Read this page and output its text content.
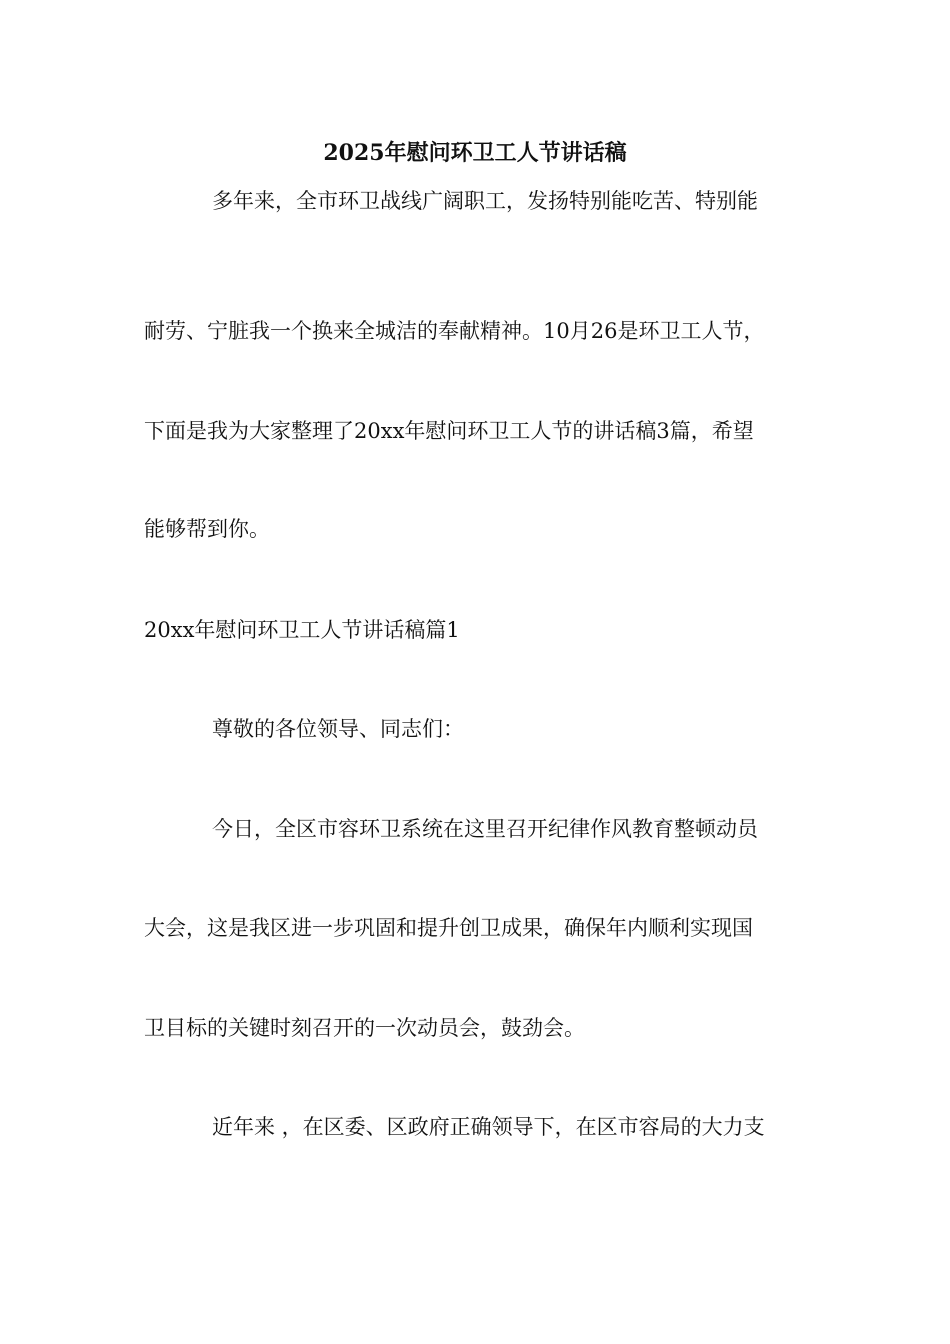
2025年慰问环卫工人节讲话稿
多年来，全市环卫战线广阔职工，发扬特别能吃苦、特别能
耐劳、宁脏我一个换来全城洁的奉献精神。10月26是环卫工人节，
下面是我为大家整理了20xx年慰问环卫工人节的讲话稿3篇，希望
能够帮到你。
20xx年慰问环卫工人节讲话稿篇1
尊敬的各位领导、同志们：
今日，全区市容环卫系统在这里召开纪律作风教育整顿动员
大会，这是我区进一步巩固和提升创卫成果，确保年内顺利实现国
卫目标的关键时刻召开的一次动员会，鼓劲会。
近年来 ，在区委、区政府正确领导下，在区市容局的大力支
